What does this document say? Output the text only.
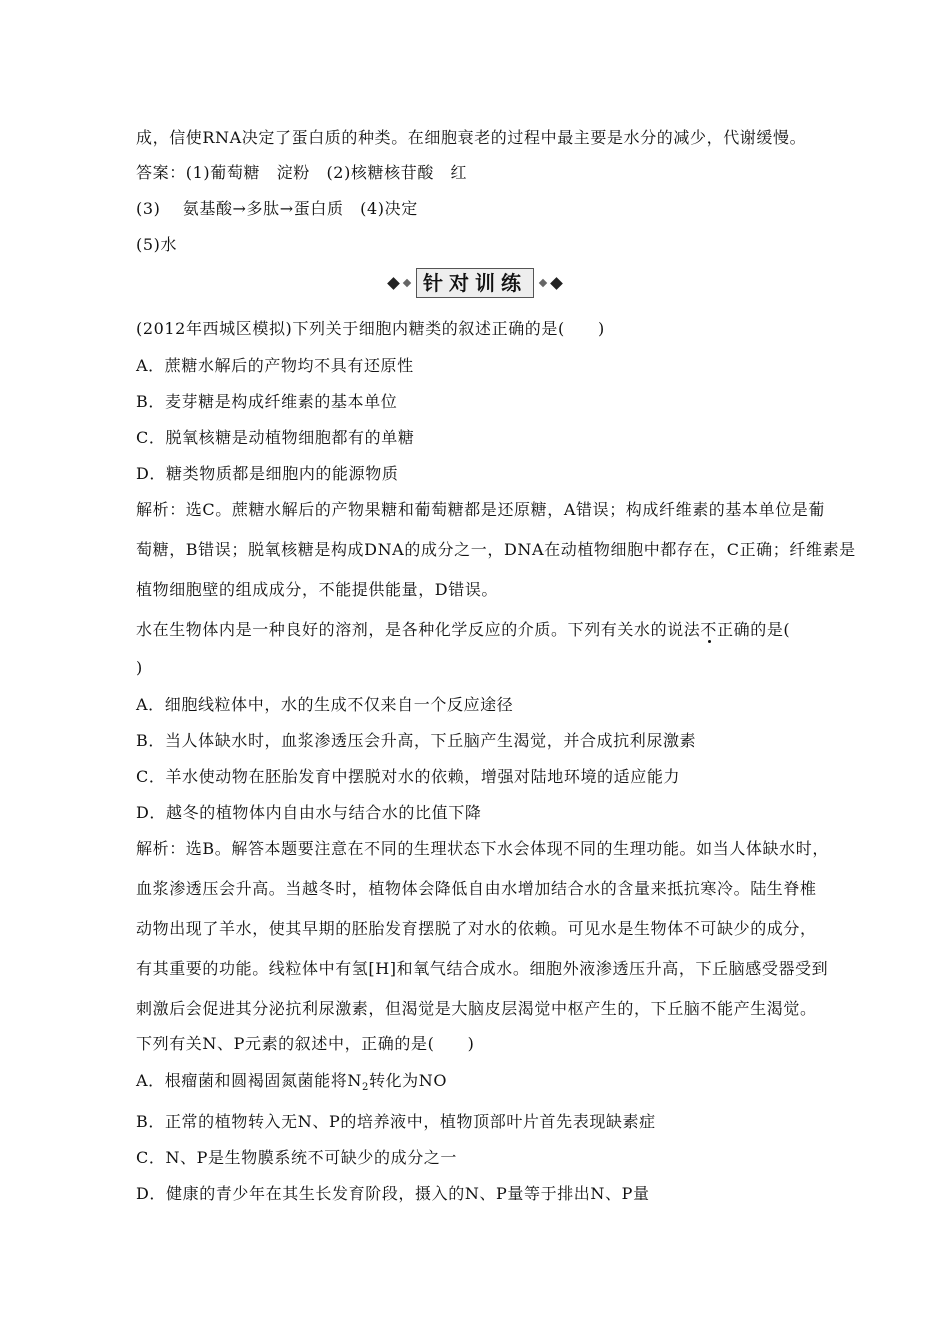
成，信使RNA决定了蛋白质的种类。在细胞衰老的过程中最主要是水分的减少，代谢缓慢。
答案：(1)葡萄糖　淀粉　(2)核糖核苷酸　红
(3)　 氨基酸→多肽→蛋白质　(4)决定
(5)水
针对训练
(2012年西城区模拟)下列关于细胞内糖类的叙述正确的是(　　)
A．蔗糖水解后的产物均不具有还原性
B．麦芽糖是构成纤维素的基本单位
C．脱氧核糖是动植物细胞都有的单糖
D．糖类物质都是细胞内的能源物质
解析：选C。蔗糖水解后的产物果糖和葡萄糖都是还原糖，A错误；构成纤维素的基本单位是葡
萄糖，B错误；脱氧核糖是构成DNA的成分之一，DNA在动植物细胞中都存在，C正确；纤维素是
植物细胞壁的组成成分，不能提供能量，D错误。
水在生物体内是一种良好的溶剂，是各种化学反应的介质。下列有关水的说法不正确的是(
)
A．细胞线粒体中，水的生成不仅来自一个反应途径
B．当人体缺水时，血浆渗透压会升高，下丘脑产生渴觉，并合成抗利尿激素
C．羊水使动物在胚胎发育中摆脱对水的依赖，增强对陆地环境的适应能力
D．越冬的植物体内自由水与结合水的比值下降
解析：选B。解答本题要注意在不同的生理状态下水会体现不同的生理功能。如当人体缺水时，
血浆渗透压会升高。当越冬时，植物体会降低自由水增加结合水的含量来抵抗寒冷。陆生脊椎
动物出现了羊水，使其早期的胚胎发育摆脱了对水的依赖。可见水是生物体不可缺少的成分，
有其重要的功能。线粒体中有氢[H]和氧气结合成水。细胞外液渗透压升高，下丘脑感受器受到
刺激后会促进其分泌抗利尿激素，但渴觉是大脑皮层渴觉中枢产生的，下丘脑不能产生渴觉。
下列有关N、P元素的叙述中，正确的是(　　)
A．根瘤菌和圆褐固氮菌能将$N_2$转化为NO
B．正常的植物转入无N、P的培养液中，植物顶部叶片首先表现缺素症
C．N、P是生物膜系统不可缺少的成分之一
D．健康的青少年在其生长发育阶段，摄入的N、P量等于排出N、P量
